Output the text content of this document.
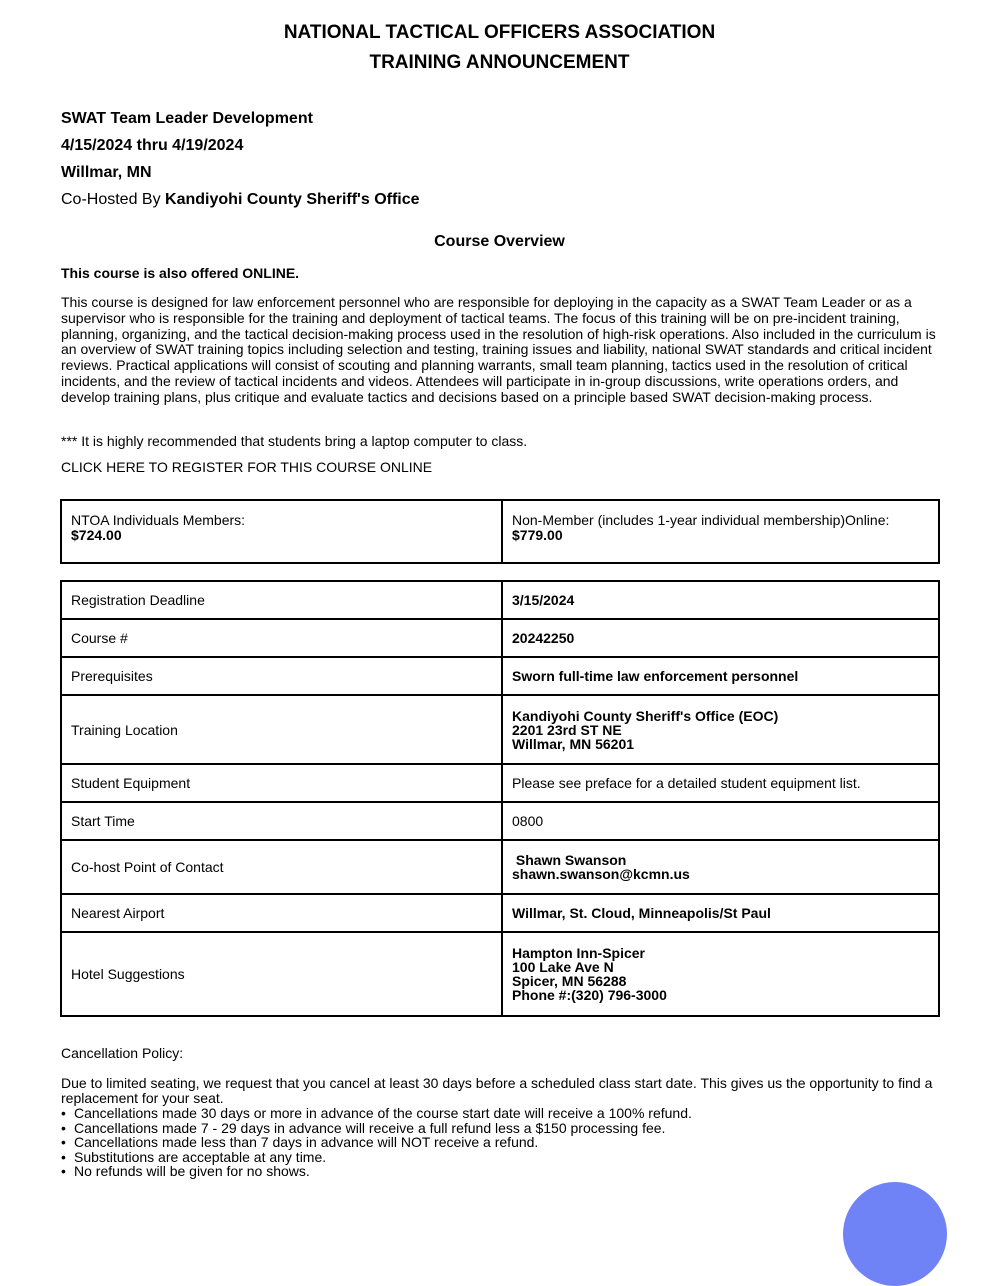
NATIONAL TACTICAL OFFICERS ASSOCIATION
TRAINING ANNOUNCEMENT
SWAT Team Leader Development
4/15/2024 thru 4/19/2024
Willmar, MN
Co-Hosted By Kandiyohi County Sheriff's Office
Course Overview
This course is also offered ONLINE.
This course is designed for law enforcement personnel who are responsible for deploying in the capacity as a SWAT Team Leader or as a supervisor who is responsible for the training and deployment of tactical teams. The focus of this training will be on pre-incident training, planning, organizing, and the tactical decision-making process used in the resolution of high-risk operations. Also included in the curriculum is an overview of SWAT training topics including selection and testing, training issues and liability, national SWAT standards and critical incident reviews. Practical applications will consist of scouting and planning warrants, small team planning, tactics used in the resolution of critical incidents, and the review of tactical incidents and videos. Attendees will participate in in-group discussions, write operations orders, and develop training plans, plus critique and evaluate tactics and decisions based on a principle based SWAT decision-making process.
*** It is highly recommended that students bring a laptop computer to class.
CLICK HERE TO REGISTER FOR THIS COURSE ONLINE
NTOA Individuals Members:
$724.00

Non-Member (includes 1-year individual membership)Online:
$779.00
Registration Deadline	3/15/2024

Course #	20242250

Prerequisites	Sworn full-time law enforcement personnel

Training Location	Kandiyohi County Sheriff's Office (EOC)
2201 23rd ST NE
Willmar, MN 56201

Student Equipment	Please see preface for a detailed student equipment list.

Start Time	0800

Co-host Point of Contact	Shawn Swanson
shawn.swanson@kcmn.us

Nearest Airport	Willmar, St. Cloud, Minneapolis/St Paul

Hotel Suggestions	Hampton Inn-Spicer
100 Lake Ave N
Spicer, MN 56288
Phone #:(320) 796-3000
Cancellation Policy:
Due to limited seating, we request that you cancel at least 30 days before a scheduled class start date. This gives us the opportunity to find a replacement for your seat.
• Cancellations made 30 days or more in advance of the course start date will receive a 100% refund.
• Cancellations made 7 - 29 days in advance will receive a full refund less a $150 processing fee.
• Cancellations made less than 7 days in advance will NOT receive a refund.
• Substitutions are acceptable at any time.
• No refunds will be given for no shows.
